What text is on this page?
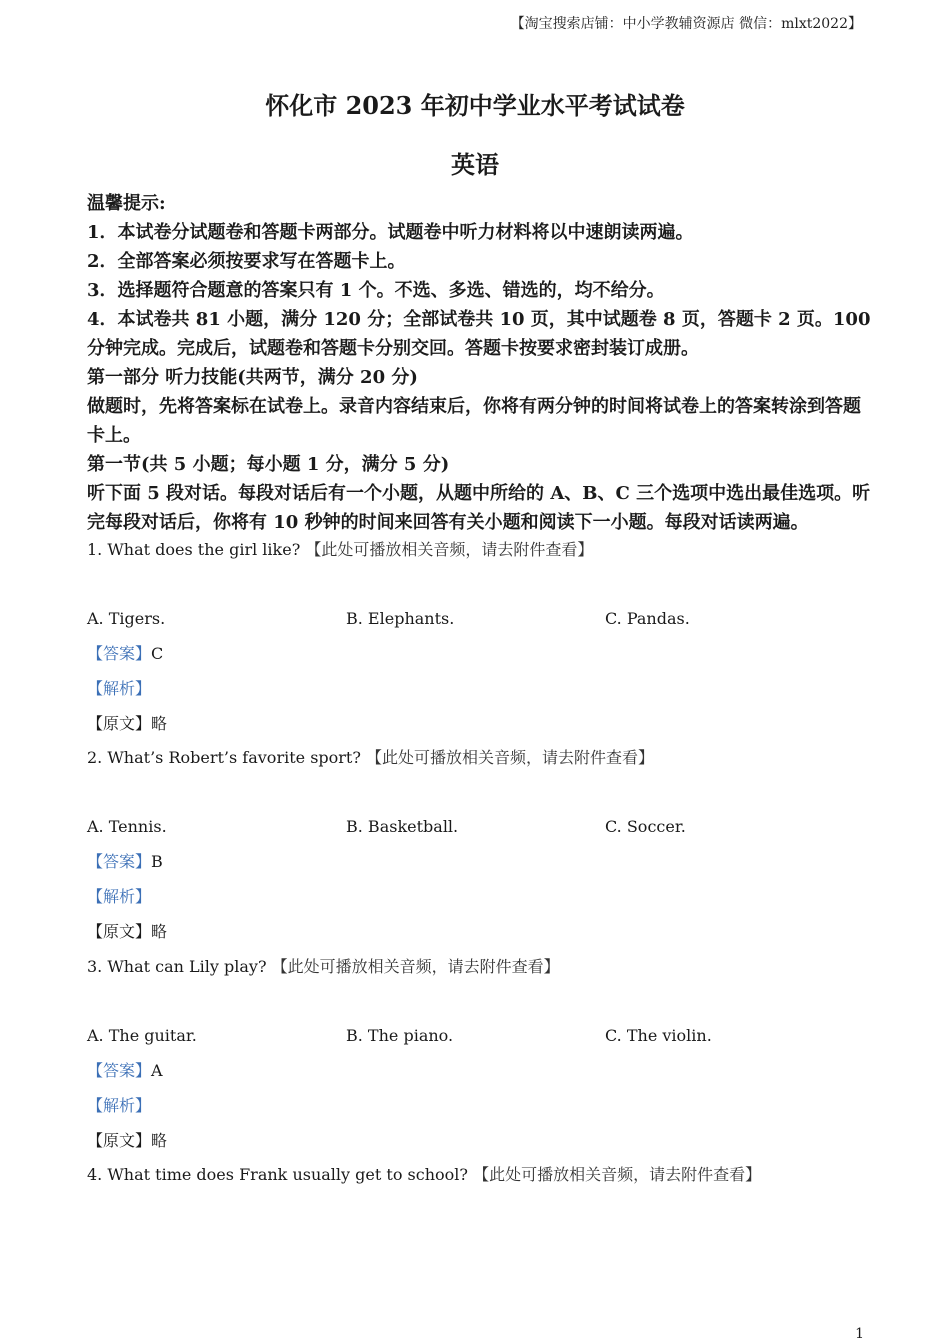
【淘宝搜索店铺：中小学教辅资源店 微信：mlxt2022】
怀化市 2023 年初中学业水平考试试卷
英语
温馨提示:
1．本试卷分试题卷和答题卡两部分。试题卷中听力材料将以中速朗读两遍。
2．全部答案必须按要求写在答题卡上。
3．选择题符合题意的答案只有 1 个。不选、多选、错选的，均不给分。
4．本试卷共 81 小题，满分 120 分；全部试卷共 10 页，其中试题卷 8 页，答题卡 2 页。100 分钟完成。完成后，试题卷和答题卡分别交回。答题卡按要求密封装订成册。
第一部分 听力技能(共两节，满分 20 分)
做题时，先将答案标在试卷上。录音内容结束后，你将有两分钟的时间将试卷上的答案转涂到答题卡上。
第一节(共 5 小题；每小题 1 分，满分 5 分)
听下面 5 段对话。每段对话后有一个小题，从题中所给的 A、B、C 三个选项中选出最佳选项。听完每段对话后，你将有 10 秒钟的时间来回答有关小题和阅读下一小题。每段对话读两遍。
1. What does the girl like? 【此处可播放相关音频，请去附件查看】
A. Tigers.	B. Elephants.	C. Pandas.
【答案】C
【解析】
【原文】略
2. What’s Robert’s favorite sport? 【此处可播放相关音频，请去附件查看】
A. Tennis.	B. Basketball.	C. Soccer.
【答案】B
【解析】
【原文】略
3. What can Lily play? 【此处可播放相关音频，请去附件查看】
A. The guitar.	B. The piano.	C. The violin.
【答案】A
【解析】
【原文】略
4. What time does Frank usually get to school? 【此处可播放相关音频，请去附件查看】
1
